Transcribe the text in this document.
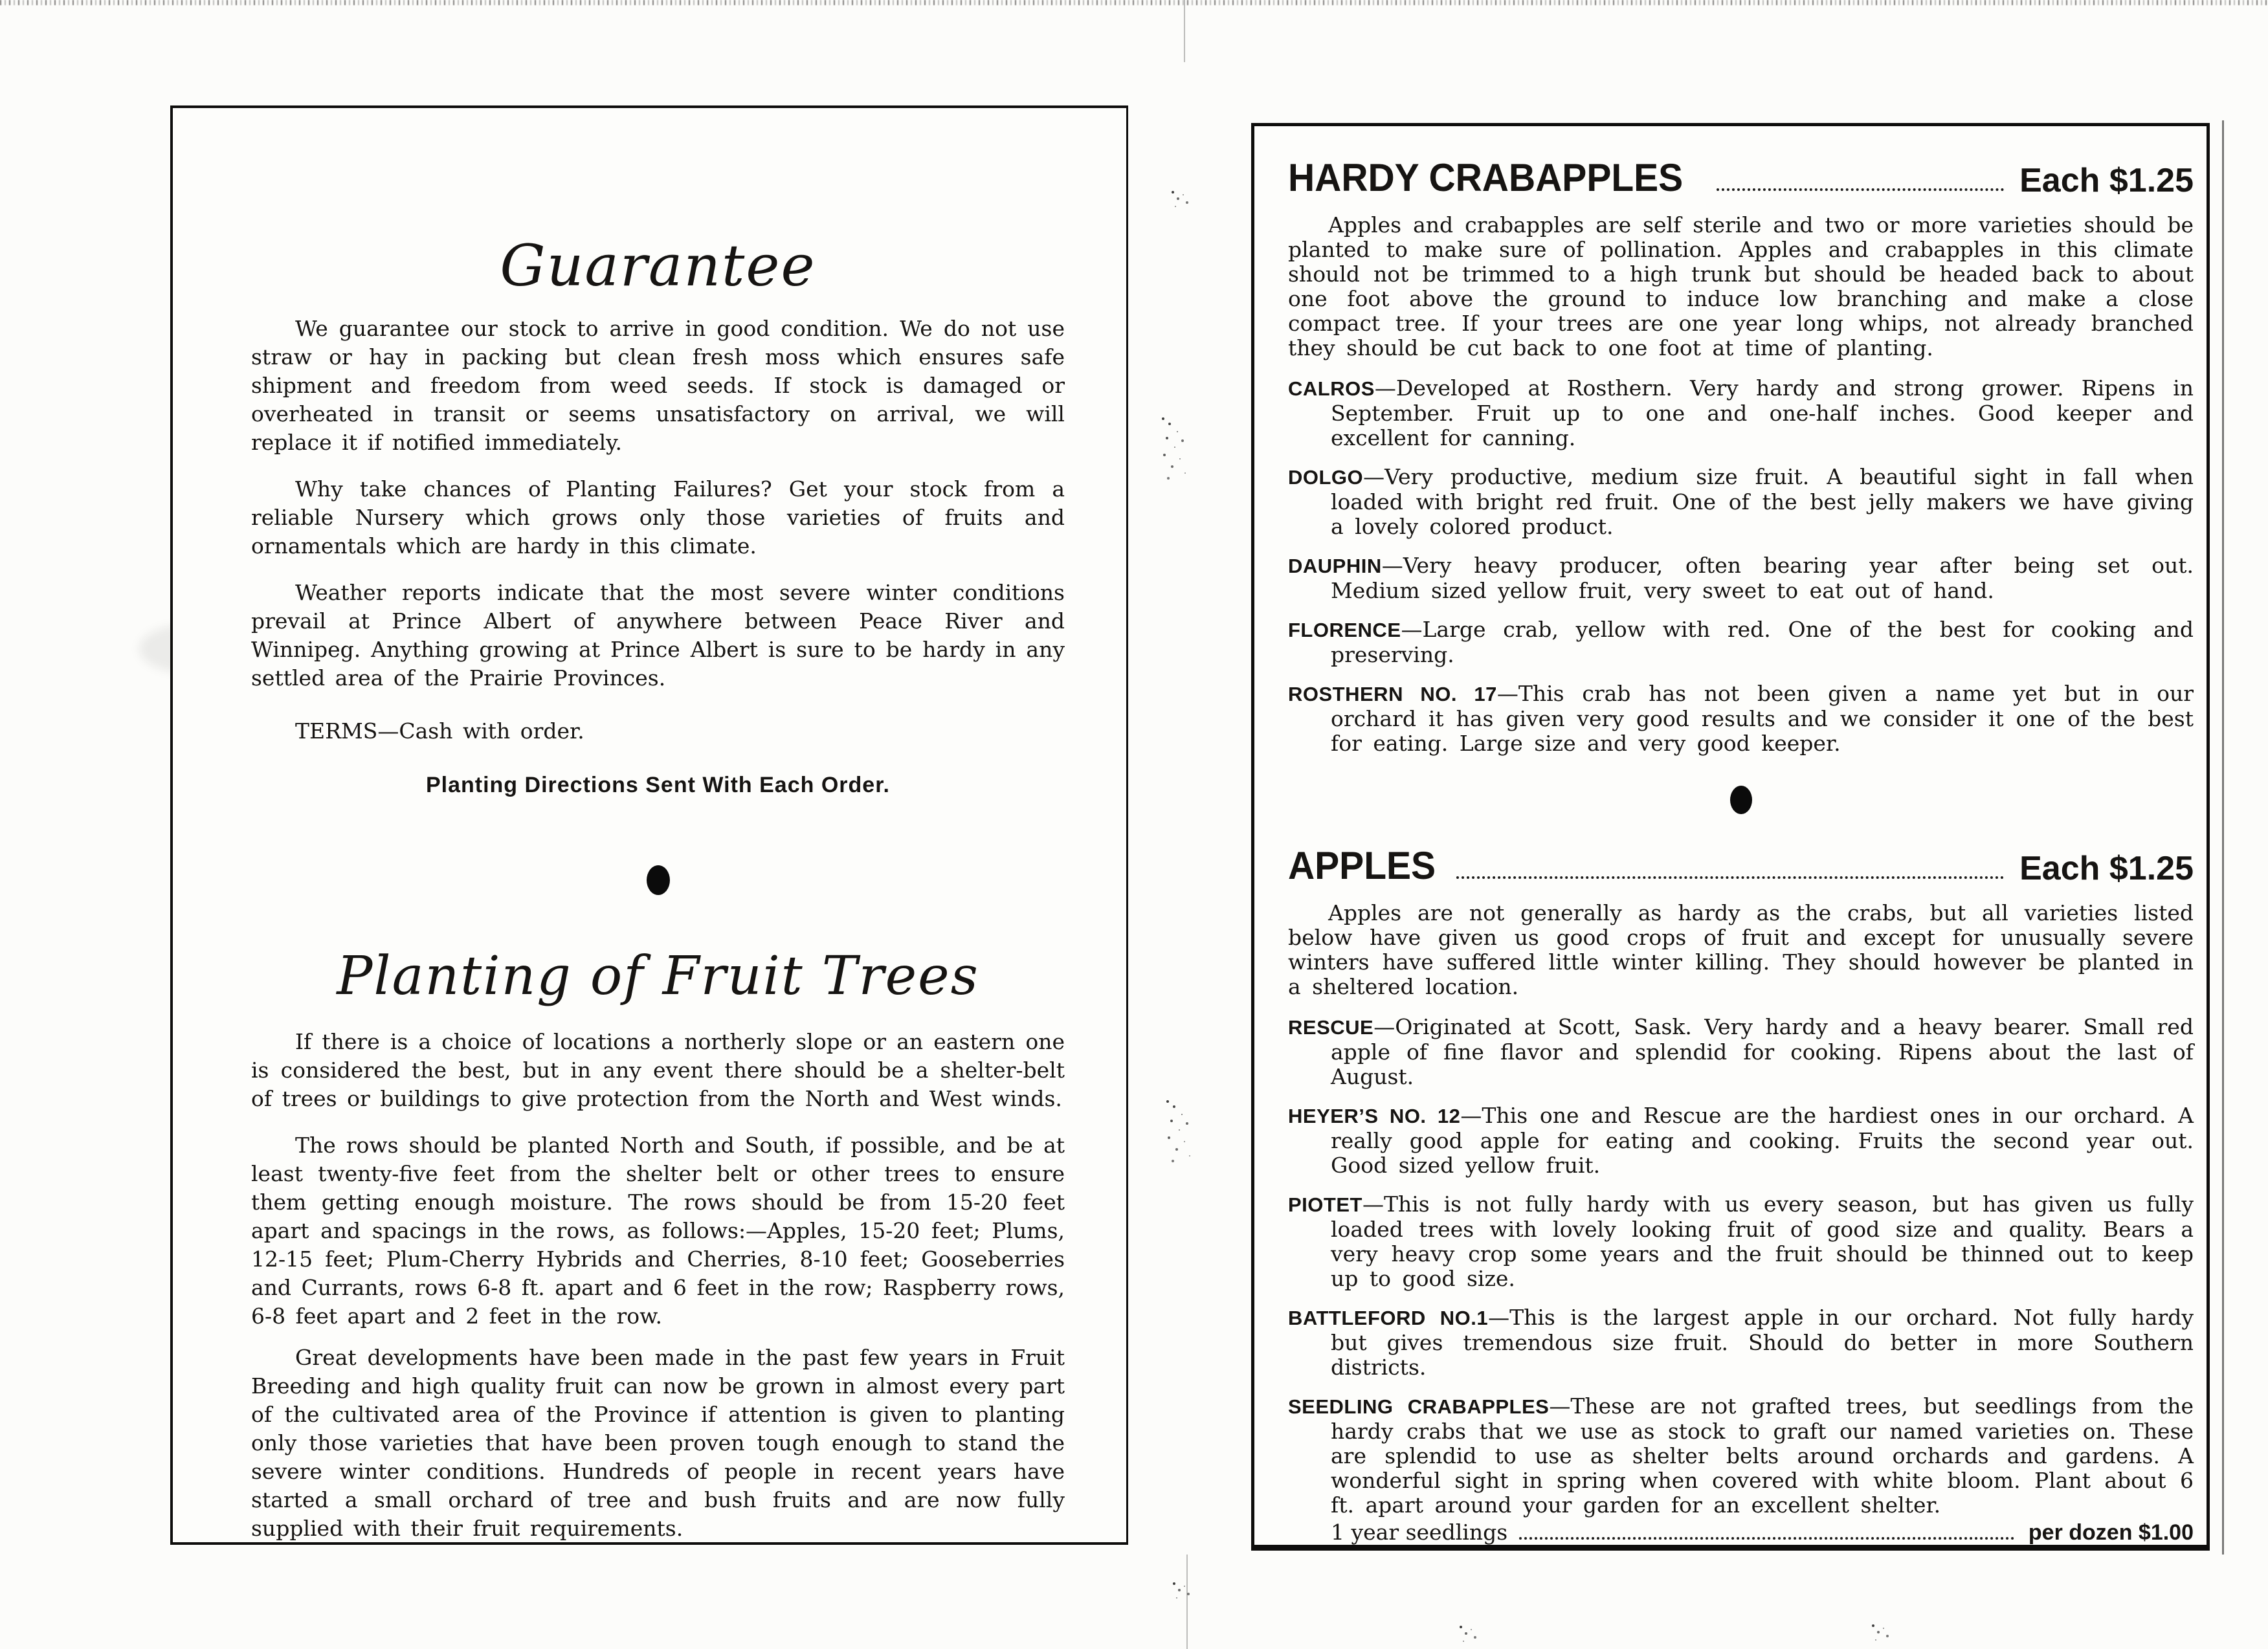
Guarantee

We guarantee our stock to arrive in good condition. We do not use straw or hay in packing but clean fresh moss which ensures safe shipment and freedom from weed seeds. If stock is damaged or overheated in transit or seems unsatisfactory on arrival, we will replace it if notified immediately.

Why take chances of Planting Failures? Get your stock from a reliable Nursery which grows only those varieties of fruits and ornamentals which are hardy in this climate.

Weather reports indicate that the most severe winter conditions prevail at Prince Albert of anywhere between Peace River and Winnipeg. Anything growing at Prince Albert is sure to be hardy in any settled area of the Prairie Provinces.

TERMS—Cash with order.

Planting Directions Sent With Each Order.

Planting of Fruit Trees

If there is a choice of locations a northerly slope or an eastern one is considered the best, but in any event there should be a shelter-belt of trees or buildings to give protection from the North and West winds.

The rows should be planted North and South, if possible, and be at least twenty-five feet from the shelter belt or other trees to ensure them getting enough moisture. The rows should be from 15-20 feet apart and spacings in the rows, as follows:—Apples, 15-20 feet; Plums, 12-15 feet; Plum-Cherry Hybrids and Cherries, 8-10 feet; Gooseberries and Currants, rows 6-8 ft. apart and 6 feet in the row; Raspberry rows, 6-8 feet apart and 2 feet in the row.

Great developments have been made in the past few years in Fruit Breeding and high quality fruit can now be grown in almost every part of the cultivated area of the Province if attention is given to planting only those varieties that have been proven tough enough to stand the severe winter conditions. Hundreds of people in recent years have started a small orchard of tree and bush fruits and are now fully supplied with their fruit requirements.

HARDY CRABAPPLES	Each $1.25

Apples and crabapples are self sterile and two or more varieties should be planted to make sure of pollination. Apples and crabapples in this climate should not be trimmed to a high trunk but should be headed back to about one foot above the ground to induce low branching and make a close compact tree. If your trees are one year long whips, not already branched they should be cut back to one foot at time of planting.

CALROS—Developed at Rosthern. Very hardy and strong grower. Ripens in September. Fruit up to one and one-half inches. Good keeper and excellent for canning.

DOLGO—Very productive, medium size fruit. A beautiful sight in fall when loaded with bright red fruit. One of the best jelly makers we have giving a lovely colored product.

DAUPHIN—Very heavy producer, often bearing year after being set out. Medium sized yellow fruit, very sweet to eat out of hand.

FLORENCE—Large crab, yellow with red. One of the best for cooking and preserving.

ROSTHERN NO. 17—This crab has not been given a name yet but in our orchard it has given very good results and we consider it one of the best for eating. Large size and very good keeper.

APPLES	Each $1.25

Apples are not generally as hardy as the crabs, but all varieties listed below have given us good crops of fruit and except for unusually severe winters have suffered little winter killing. They should however be planted in a sheltered location.

RESCUE—Originated at Scott, Sask. Very hardy and a heavy bearer. Small red apple of fine flavor and splendid for cooking. Ripens about the last of August.

HEYER’S NO. 12—This one and Rescue are the hardiest ones in our orchard. A really good apple for eating and cooking. Fruits the second year out. Good sized yellow fruit.

PIOTET—This is not fully hardy with us every season, but has given us fully loaded trees with lovely looking fruit of good size and quality. Bears a very heavy crop some years and the fruit should be thinned out to keep up to good size.

BATTLEFORD NO.1—This is the largest apple in our orchard. Not fully hardy but gives tremendous size fruit. Should do better in more Southern districts.

SEEDLING CRABAPPLES—These are not grafted trees, but seedlings from the hardy crabs that we use as stock to graft our named varieties on. These are splendid to use as shelter belts around orchards and gardens. A wonderful sight in spring when covered with white bloom. Plant about 6 ft. apart around your garden for an excellent shelter.

1 year seedlings	per dozen $1.00
